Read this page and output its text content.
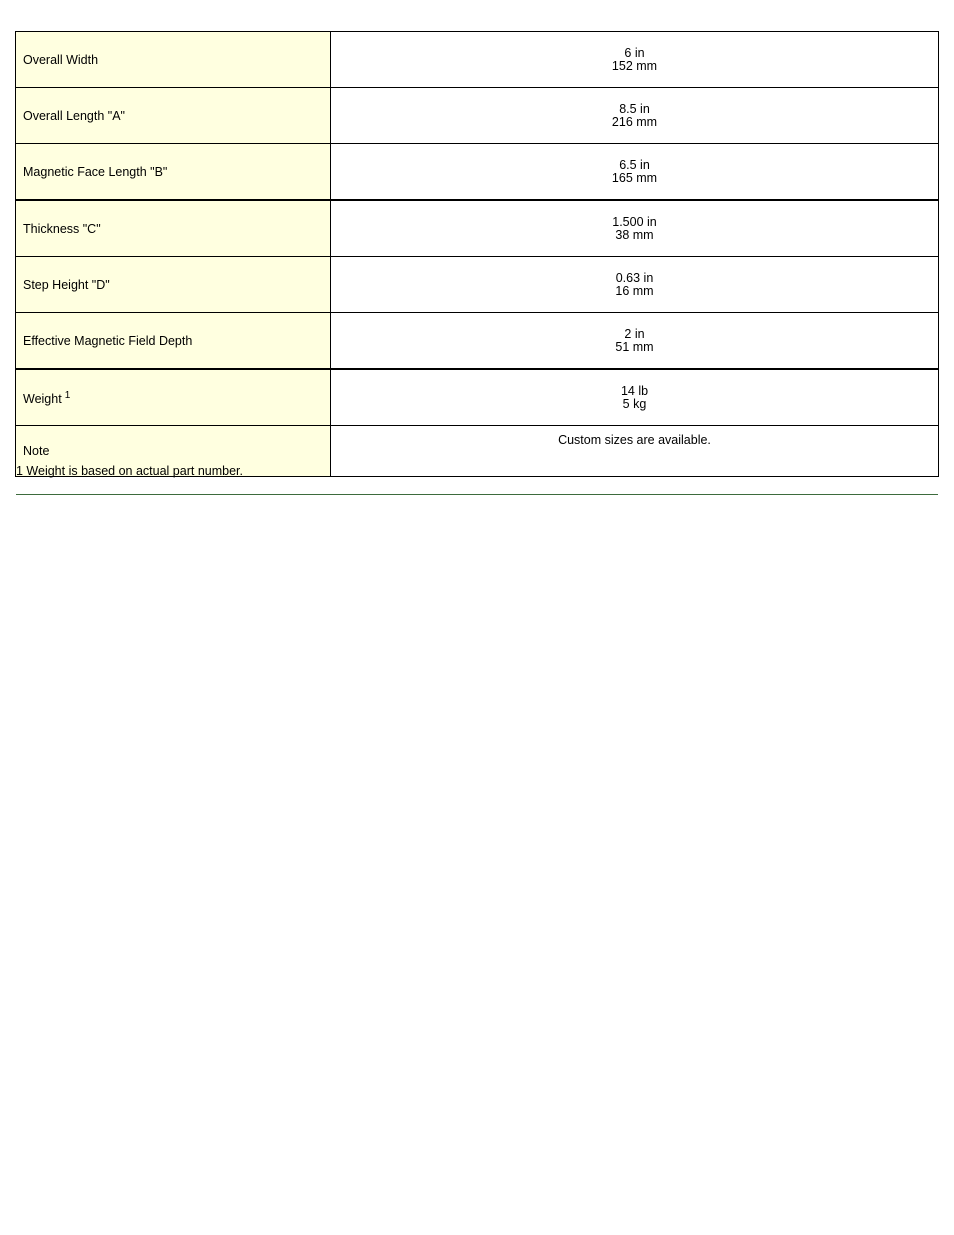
Overall Width	6 in
152 mm

Overall Length "A"	8.5 in
216 mm

Magnetic Face Length "B"	6.5 in
165 mm

Thickness "C"	1.500 in
38 mm

Step Height "D"	0.63 in
16 mm

Effective Magnetic Field Depth	2 in
51 mm

Weight $^1$	14 lb
5 kg

Note	Custom sizes are available.
1 Weight is based on actual part number.
